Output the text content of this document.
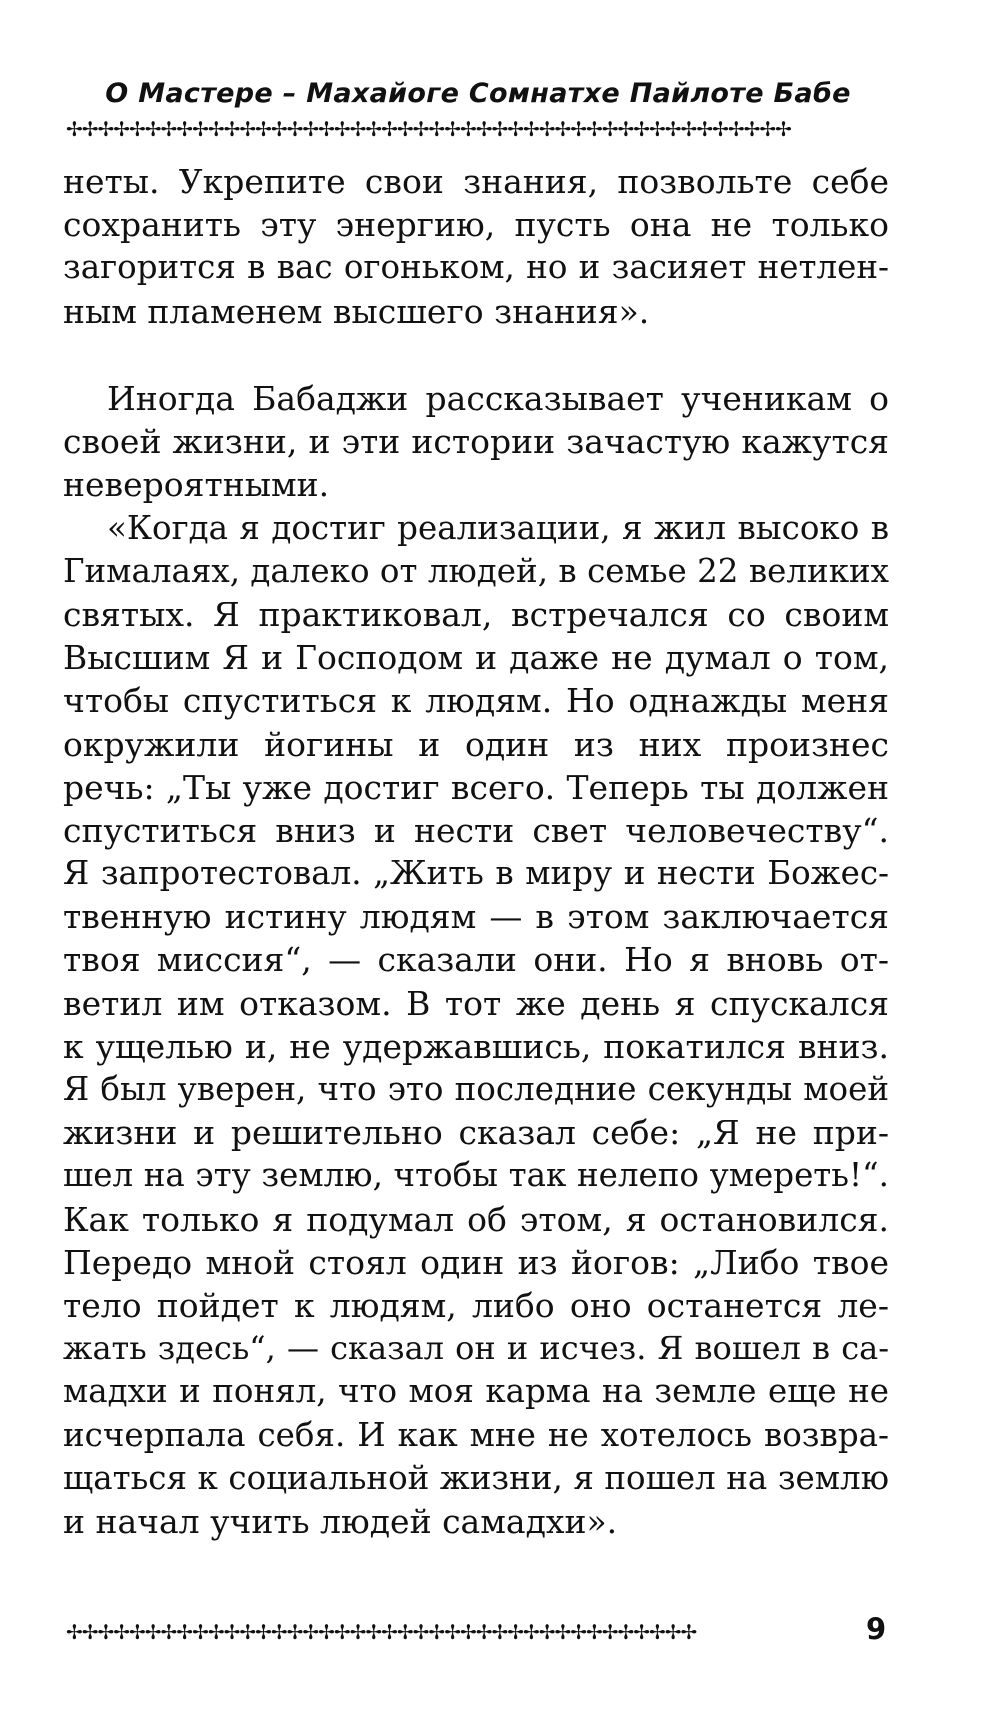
О Мастере – Махайоге Сомнатхе Пайлоте Бабе
✢✢✢✢✢✢✢✢✢✢✢✢✢✢✢✢✢✢✢✢✢✢✢✢✢✢✢✢✢✢✢✢✢✢✢✢✢✢✢✢✢✢✢✢✢✢
неты. Укрепите свои знания, позвольте себе
сохранить эту энергию, пусть она не только
загорится в вас огоньком, но и засияет нетлен-
ным пламенем высшего знания».
Иногда Бабаджи рассказывает ученикам о
своей жизни, и эти истории зачастую кажутся
невероятными.
«Когда я достиг реализации, я жил высоко в
Гималаях, далеко от людей, в семье 22 великих
святых. Я практиковал, встречался со своим
Высшим Я и Господом и даже не думал о том,
чтобы спуститься к людям. Но однажды меня
окружили йогины и один из них произнес
речь: „Ты уже достиг всего. Теперь ты должен
спуститься вниз и нести свет человечеству“.
Я запротестовал. „Жить в миру и нести Божес-
твенную истину людям — в этом заключается
твоя миссия“, — сказали они. Но я вновь от-
ветил им отказом. В тот же день я спускался
к ущелью и, не удержавшись, покатился вниз.
Я был уверен, что это последние секунды моей
жизни и решительно сказал себе: „Я не при-
шел на эту землю, чтобы так нелепо умереть!“.
Как только я подумал об этом, я остановился.
Передо мной стоял один из йогов: „Либо твое
тело пойдет к людям, либо оно останется ле-
жать здесь“, — сказал он и исчез. Я вошел в са-
мадхи и понял, что моя карма на земле еще не
исчерпала себя. И как мне не хотелось возвра-
щаться к социальной жизни, я пошел на землю
и начал учить людей самадхи».
✢✢✢✢✢✢✢✢✢✢✢✢✢✢✢✢✢✢✢✢✢✢✢✢✢✢✢✢✢✢✢✢✢✢✢✢✢✢✢✢	9
